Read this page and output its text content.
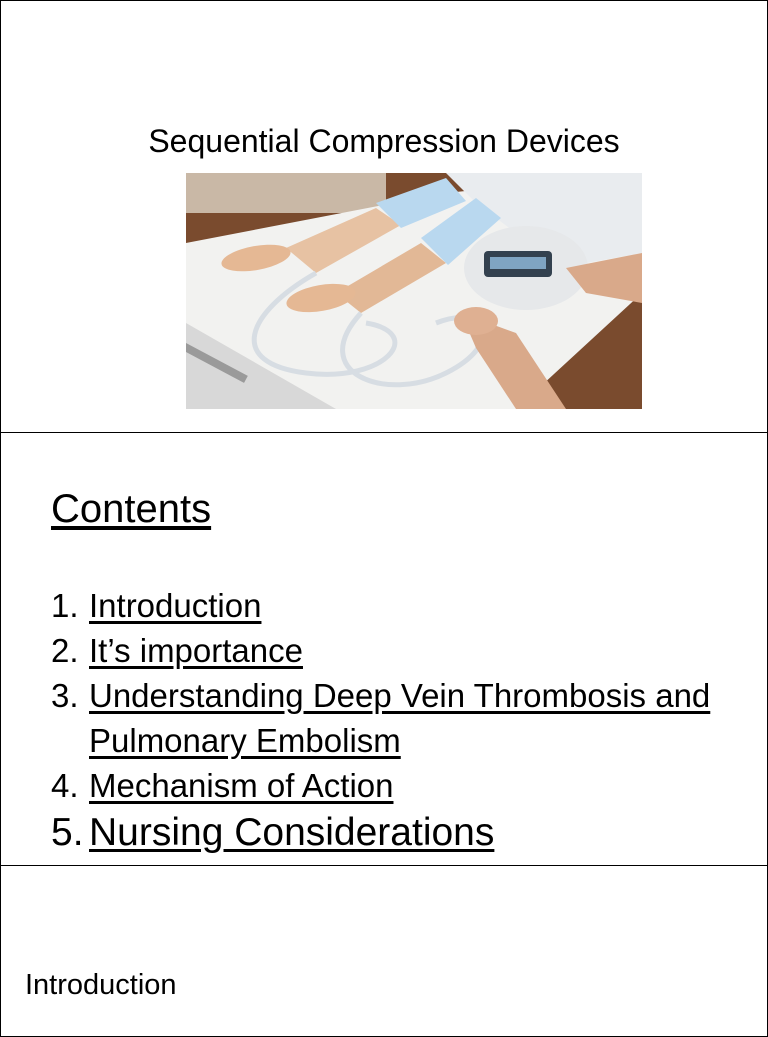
Sequential Compression Devices
Contents
1. Introduction
2. It’s importance
3. Understanding Deep Vein Thrombosis and Pulmonary Embolism
4. Mechanism of Action
5. Nursing Considerations
Introduction
